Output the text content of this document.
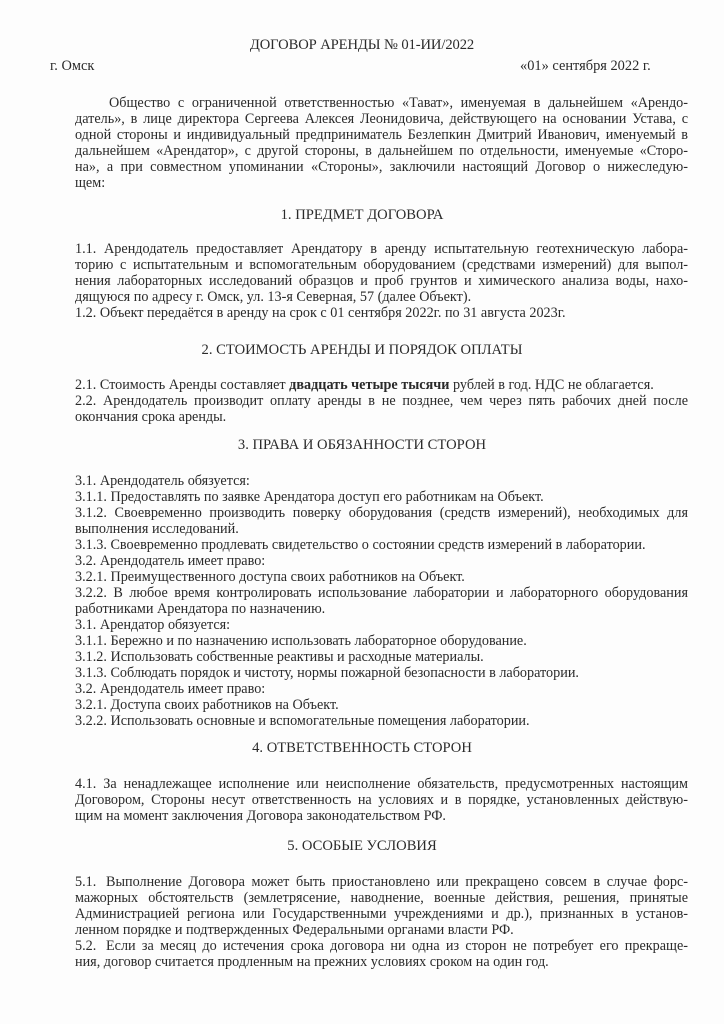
ДОГОВОР АРЕНДЫ № 01-ИИ/2022
г. Омск	«01» сентября 2022 г.
Общество с ограниченной ответственностью «Тават», именуемая в дальнейшем «Арендо-
датель», в лице директора Сергеева Алексея Леонидовича, действующего на основании Устава, с
одной стороны и индивидуальный предприниматель Безлепкин Дмитрий Иванович, именуемый в
дальнейшем «Арендатор», с другой стороны, в дальнейшем по отдельности, именуемые «Сторо-
на», а при совместном упоминании «Стороны», заключили настоящий Договор о нижеследую-
щем:
1. ПРЕДМЕТ ДОГОВОРА
1.1. Арендодатель предоставляет Арендатору в аренду испытательную геотехническую лабора-
торию с испытательным и вспомогательным оборудованием (средствами измерений) для выпол-
нения лабораторных исследований образцов и проб грунтов и химического анализа воды, нахо-
дящуюся по адресу г. Омск, ул. 13-я Северная, 57 (далее Объект).
1.2. Объект передаётся в аренду на срок с 01 сентября 2022г. по 31 августа 2023г.
2. СТОИМОСТЬ АРЕНДЫ И ПОРЯДОК ОПЛАТЫ
2.1. Стоимость Аренды составляет двадцать четыре тысячи рублей в год. НДС не облагается.
2.2. Арендодатель производит оплату аренды в не позднее, чем через пять рабочих дней после
окончания срока аренды.
3. ПРАВА И ОБЯЗАННОСТИ СТОРОН
3.1. Арендодатель обязуется:
3.1.1. Предоставлять по заявке Арендатора доступ его работникам на Объект.
3.1.2. Своевременно производить поверку оборудования (средств измерений), необходимых для
выполнения исследований.
3.1.3. Своевременно продлевать свидетельство о состоянии средств измерений в лаборатории.
3.2. Арендодатель имеет право:
3.2.1. Преимущественного доступа своих работников на Объект.
3.2.2. В любое время контролировать использование лаборатории и лабораторного оборудования
работниками Арендатора по назначению.
3.1. Арендатор обязуется:
3.1.1. Бережно и по назначению использовать лабораторное оборудование.
3.1.2. Использовать собственные реактивы и расходные материалы.
3.1.3. Соблюдать порядок и чистоту, нормы пожарной безопасности в лаборатории.
3.2. Арендодатель имеет право:
3.2.1. Доступа своих работников на Объект.
3.2.2. Использовать основные и вспомогательные помещения лаборатории.
4. ОТВЕТСТВЕННОСТЬ СТОРОН
4.1. За ненадлежащее исполнение или неисполнение обязательств, предусмотренных настоящим
Договором, Стороны несут ответственность на условиях и в порядке, установленных действую-
щим на момент заключения Договора законодательством РФ.
5. ОСОБЫЕ УСЛОВИЯ
5.1. Выполнение Договора может быть приостановлено или прекращено совсем в случае форс-
мажорных обстоятельств (землетрясение, наводнение, военные действия, решения, принятые
Администрацией региона или Государственными учреждениями и др.), признанных в установ-
ленном порядке и подтвержденных Федеральными органами власти РФ.
5.2. Если за месяц до истечения срока договора ни одна из сторон не потребует его прекраще-
ния, договор считается продленным на прежних условиях сроком на один год.
